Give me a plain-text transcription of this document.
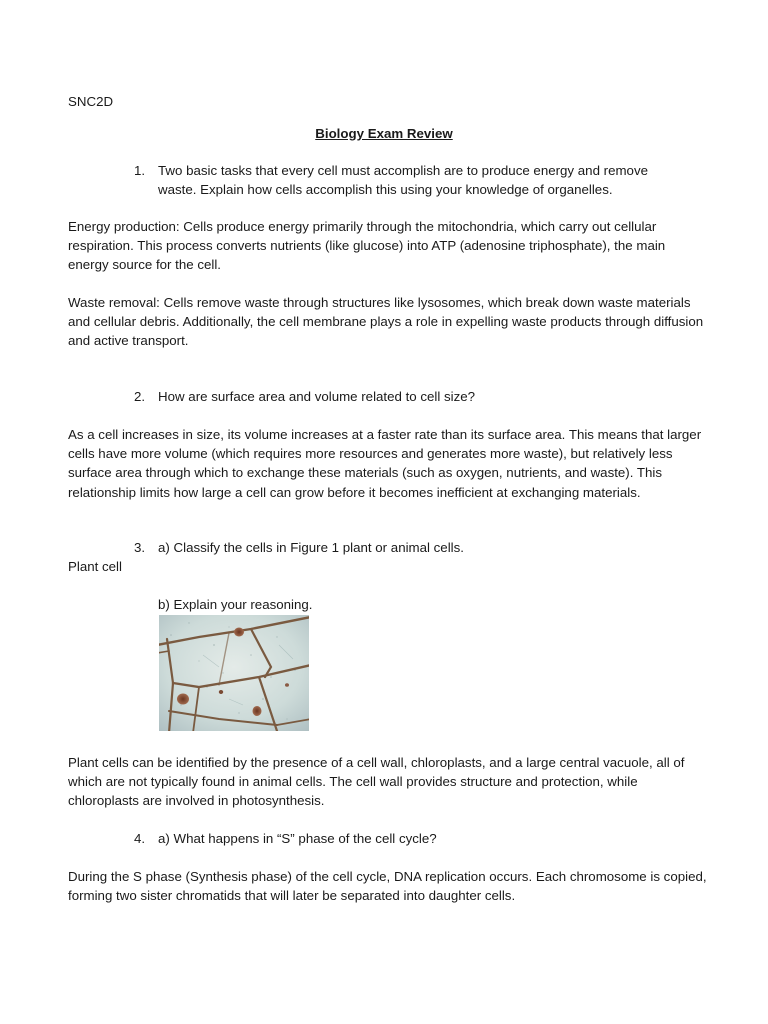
SNC2D

Biology Exam Review

1. Two basic tasks that every cell must accomplish are to produce energy and remove waste. Explain how cells accomplish this using your knowledge of organelles.

Energy production: Cells produce energy primarily through the mitochondria, which carry out cellular respiration. This process converts nutrients (like glucose) into ATP (adenosine triphosphate), the main energy source for the cell.

Waste removal: Cells remove waste through structures like lysosomes, which break down waste materials and cellular debris. Additionally, the cell membrane plays a role in expelling waste products through diffusion and active transport.

2. How are surface area and volume related to cell size?

As a cell increases in size, its volume increases at a faster rate than its surface area. This means that larger cells have more volume (which requires more resources and generates more waste), but relatively less surface area through which to exchange these materials (such as oxygen, nutrients, and waste). This relationship limits how large a cell can grow before it becomes inefficient at exchanging materials.

3. a) Classify the cells in Figure 1 plant or animal cells.

Plant cell

b) Explain your reasoning.

Plant cells can be identified by the presence of a cell wall, chloroplasts, and a large central vacuole, all of which are not typically found in animal cells. The cell wall provides structure and protection, while chloroplasts are involved in photosynthesis.

4. a) What happens in “S” phase of the cell cycle?

During the S phase (Synthesis phase) of the cell cycle, DNA replication occurs. Each chromosome is copied, forming two sister chromatids that will later be separated into daughter cells.
